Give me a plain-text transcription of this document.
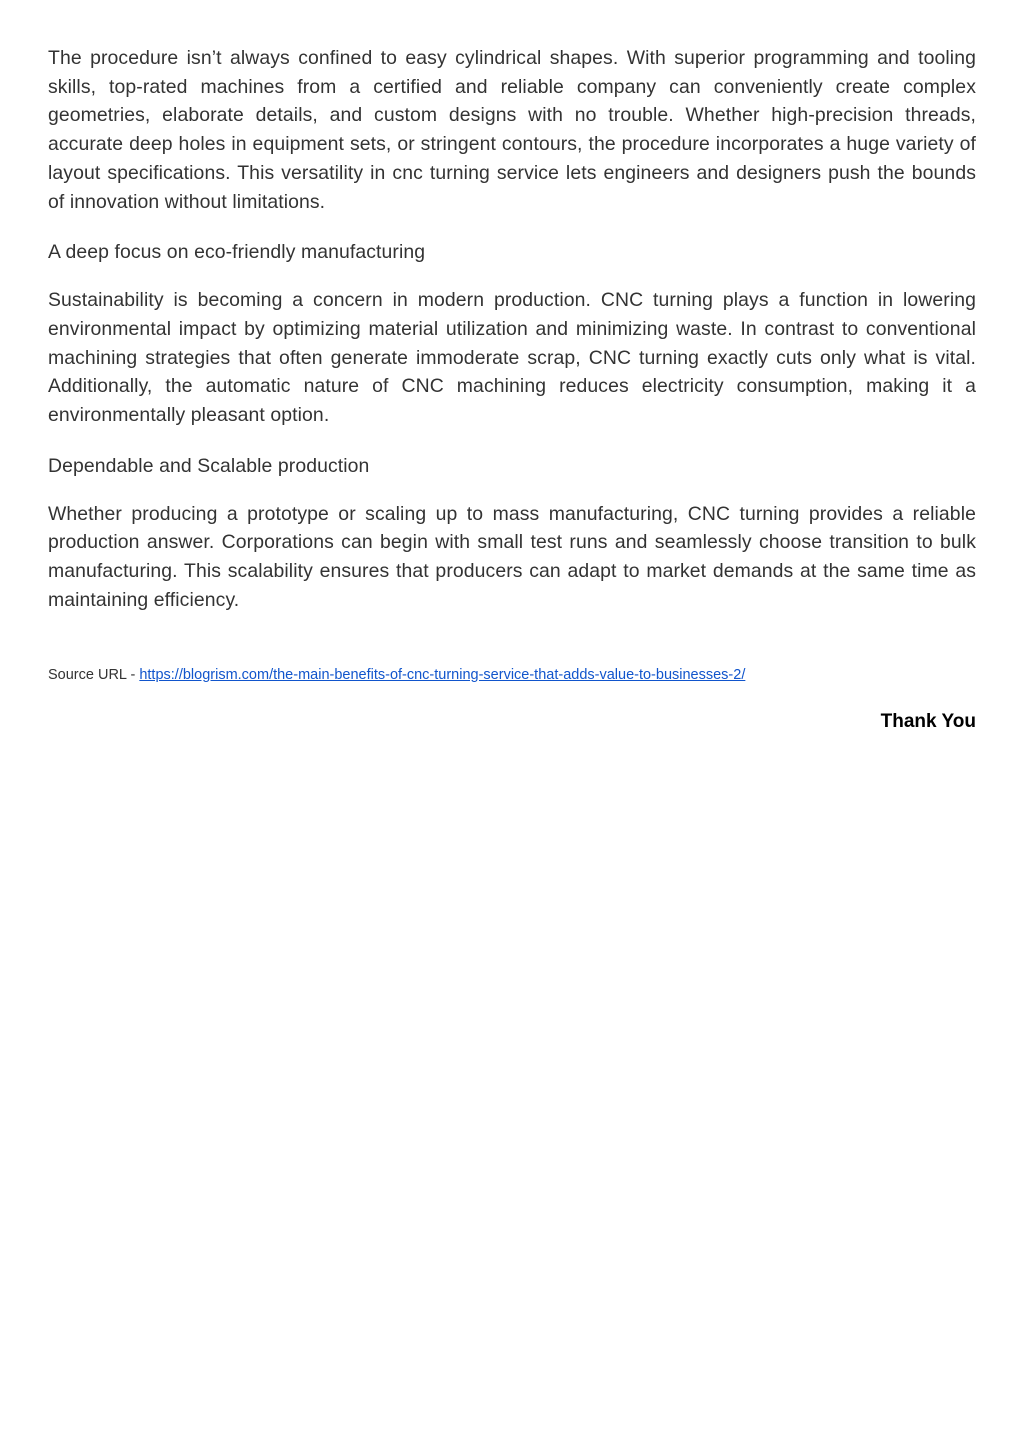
The procedure isn’t always confined to easy cylindrical shapes. With superior programming and tooling skills, top-rated machines from a certified and reliable company can conveniently create complex geometries, elaborate details, and custom designs with no trouble. Whether high-precision threads, accurate deep holes in equipment sets, or stringent contours, the procedure incorporates a huge variety of layout specifications. This versatility in cnc turning service lets engineers and designers push the bounds of innovation without limitations.

A deep focus on eco-friendly manufacturing

Sustainability is becoming a concern in modern production. CNC turning plays a function in lowering environmental impact by optimizing material utilization and minimizing waste. In contrast to conventional machining strategies that often generate immoderate scrap, CNC turning exactly cuts only what is vital. Additionally, the automatic nature of CNC machining reduces electricity consumption, making it a environmentally pleasant option.

Dependable and Scalable production

Whether producing a prototype or scaling up to mass manufacturing, CNC turning provides a reliable production answer. Corporations can begin with small test runs and seamlessly choose transition to bulk manufacturing. This scalability ensures that producers can adapt to market demands at the same time as maintaining efficiency.

Source URL - https://blogrism.com/the-main-benefits-of-cnc-turning-service-that-adds-value-to-businesses-2/
Thank You
